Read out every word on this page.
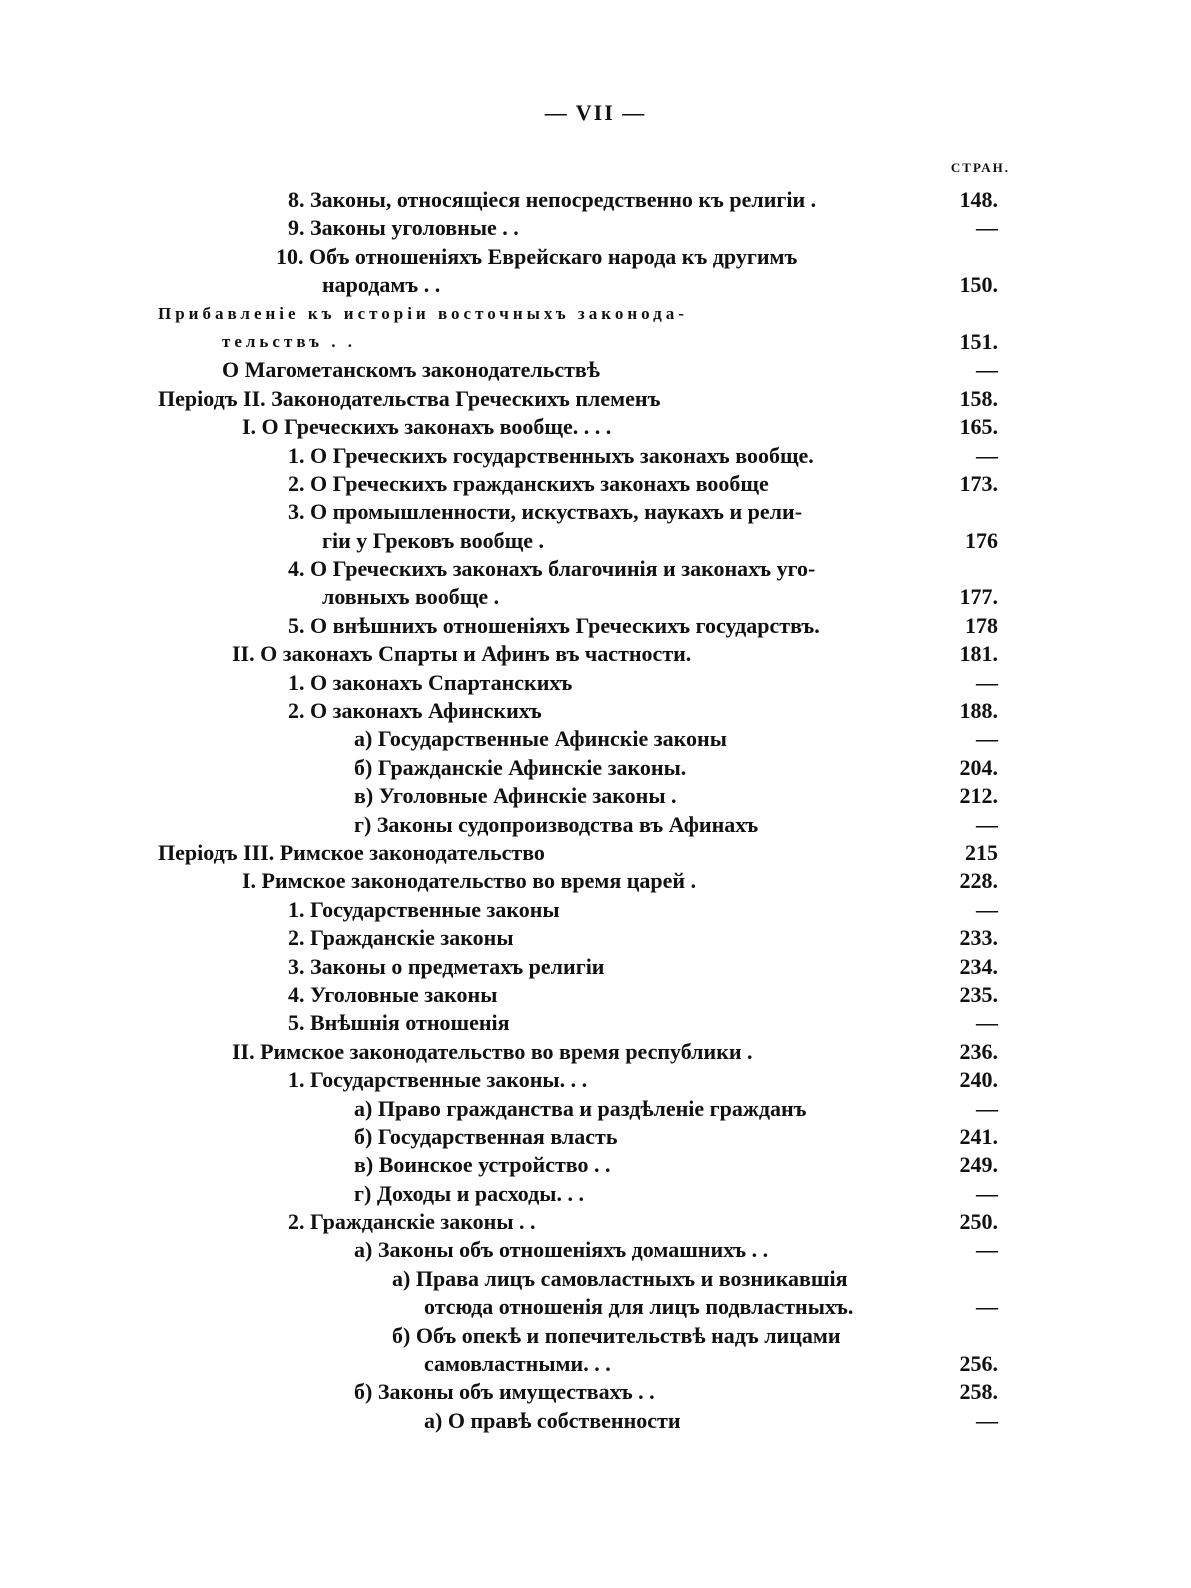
— VII —
СТРАН.
8. Законы, относящіеся непосредственно къ религіи .	148.
9. Законы уголовные . .	—
10. Объ отношеніяхъ Еврейскаго народа къ другимъ
народамъ . .	150.
Прибавленіе къ исторіи восточныхъ законода-
тельствъ . .	151.
О Магометанскомъ законодательствѣ	—
Періодъ II. Законодательства Греческихъ племенъ	158.
I. О Греческихъ законахъ вообще. . . .	165.
1. О Греческихъ государственныхъ законахъ вообще.	—
2. О Греческихъ гражданскихъ законахъ вообще	173.
3. О промышленности, искуствахъ, наукахъ и рели-
гіи у Грековъ вообще .	176
4. О Греческихъ законахъ благочинія и законахъ уго-
ловныхъ вообще .	177.
5. О внѣшнихъ отношеніяхъ Греческихъ государствъ.	178
II. О законахъ Спарты и Афинъ въ частности.	181.
1. О законахъ Спартанскихъ	—
2. О законахъ Афинскихъ	188.
а) Государственные Афинскіе законы	—
б) Гражданскіе Афинскіе законы.	204.
в) Уголовные Афинскіе законы .	212.
г) Законы судопроизводства въ Афинахъ	—
Періодъ III. Римское законодательство	215
I. Римское законодательство во время царей .	228.
1. Государственные законы	—
2. Гражданскіе законы	233.
3. Законы о предметахъ религіи	234.
4. Уголовные законы	235.
5. Внѣшнія отношенія	—
II. Римское законодательство во время республики .	236.
1. Государственные законы. . .	240.
а) Право гражданства и раздѣленіе гражданъ	—
б) Государственная власть	241.
в) Воинское устройство . .	249.
г) Доходы и расходы. . .	—
2. Гражданскіе законы . .	250.
а) Законы объ отношеніяхъ домашнихъ . .	—
а) Права лицъ самовластныхъ и возникавшія
отсюда отношенія для лицъ подвластныхъ.	—
б) Объ опекѣ и попечительствѣ надъ лицами
самовластными. . .	256.
б) Законы объ имуществахъ . .	258.
а) О правѣ собственности	—
